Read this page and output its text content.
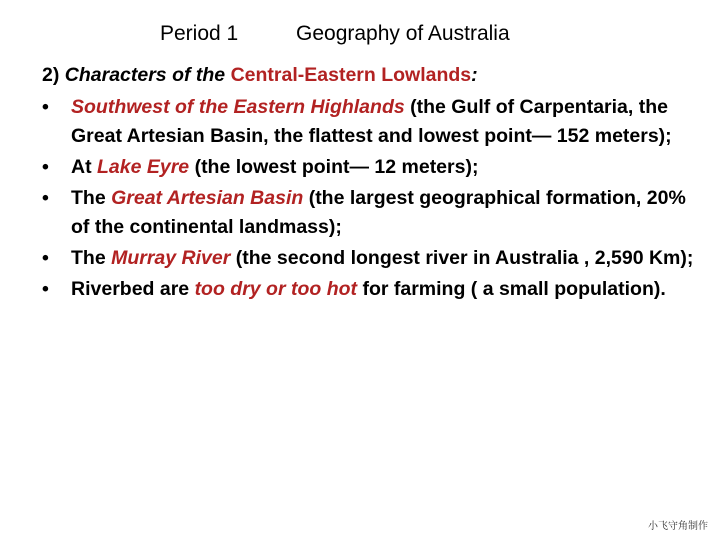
Period 1	Geography of Australia
2) Characters of the Central-Eastern Lowlands:
•	Southwest of the Eastern Highlands (the Gulf of Carpentaria, the Great Artesian Basin, the flattest and lowest point— 152 meters);
•	At Lake Eyre (the lowest point— 12 meters);
•	The Great Artesian Basin (the largest geographical formation, 20% of the continental landmass);
•	The Murray River (the second longest river in Australia , 2,590 Km);
•	Riverbed are too dry or too hot for farming ( a small population).
小飞守角制作
